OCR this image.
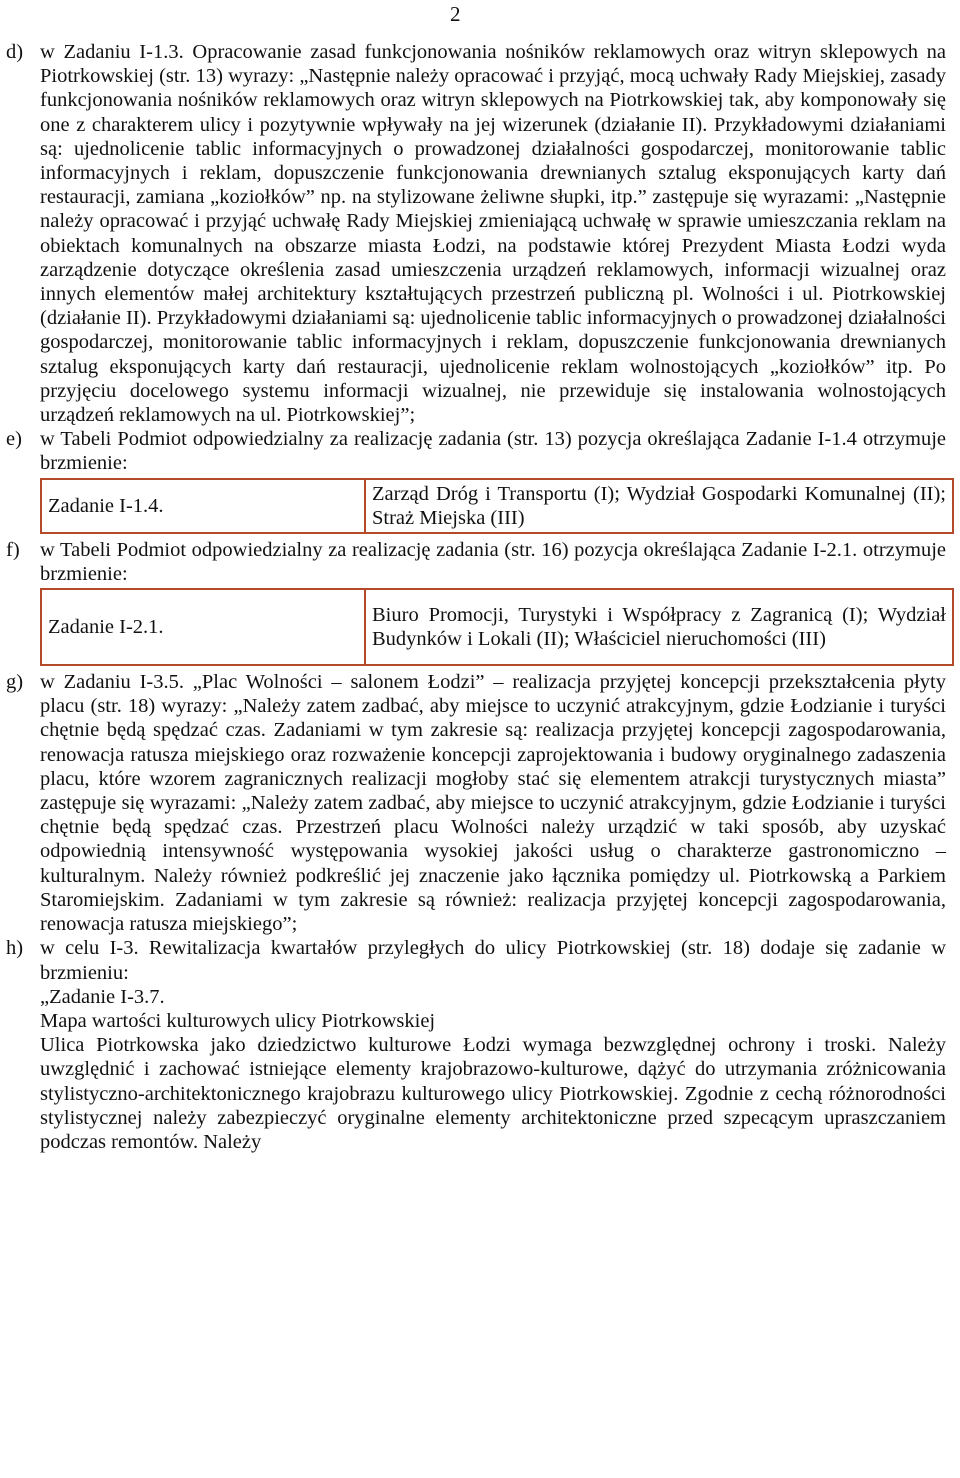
2
d) w Zadaniu I-1.3. Opracowanie zasad funkcjonowania nośników reklamowych oraz witryn sklepowych na Piotrkowskiej (str. 13) wyrazy: „Następnie należy opracować i przyjąć, mocą uchwały Rady Miejskiej, zasady funkcjonowania nośników reklamowych oraz witryn sklepowych na Piotrkowskiej tak, aby komponowały się one z charakterem ulicy i pozytywnie wpływały na jej wizerunek (działanie II). Przykładowymi działaniami są: ujednolicenie tablic informacyjnych o prowadzonej działalności gospodarczej, monitorowanie tablic informacyjnych i reklam, dopuszczenie funkcjonowania drewnianych sztalug eksponujących karty dań restauracji, zamiana „koziołków” np. na stylizowane żeliwne słupki, itp.” zastępuje się wyrazami: „Następnie należy opracować i przyjąć uchwałę Rady Miejskiej zmieniającą uchwałę w sprawie umieszczania reklam na obiektach komunalnych na obszarze miasta Łodzi, na podstawie której Prezydent Miasta Łodzi wyda zarządzenie dotyczące określenia zasad umieszczenia urządzeń reklamowych, informacji wizualnej oraz innych elementów małej architektury kształtujących przestrzeń publiczną pl. Wolności i ul. Piotrkowskiej (działanie II). Przykładowymi działaniami są: ujednolicenie tablic informacyjnych o prowadzonej działalności gospodarczej, monitorowanie tablic informacyjnych i reklam, dopuszczenie funkcjonowania drewnianych sztalug eksponujących karty dań restauracji, ujednolicenie reklam wolnostojących „koziołków” itp. Po przyjęciu docelowego systemu informacji wizualnej, nie przewiduje się instalowania wolnostojących urządzeń reklamowych na ul. Piotrkowskiej”;

e) w Tabeli Podmiot odpowiedzialny za realizację zadania (str. 13) pozycja określająca Zadanie I-1.4 otrzymuje brzmienie:

Zadanie I-1.4.	Zarząd Dróg i Transportu (I); Wydział Gospodarki Komunalnej (II); Straż Miejska (III)
f) w Tabeli Podmiot odpowiedzialny za realizację zadania (str. 16) pozycja określająca Zadanie I-2.1. otrzymuje brzmienie:

Zadanie I-2.1.	Biuro Promocji, Turystyki i Współpracy z Zagranicą (I); Wydział Budynków i Lokali (II); Właściciel nieruchomości (III)
g) w Zadaniu I-3.5. „Plac Wolności – salonem Łodzi” – realizacja przyjętej koncepcji przekształcenia płyty placu (str. 18) wyrazy: „Należy zatem zadbać, aby miejsce to uczynić atrakcyjnym, gdzie Łodzianie i turyści chętnie będą spędzać czas. Zadaniami w tym zakresie są: realizacja przyjętej koncepcji zagospodarowania, renowacja ratusza miejskiego oraz rozważenie koncepcji zaprojektowania i budowy oryginalnego zadaszenia placu, które wzorem zagranicznych realizacji mogłoby stać się elementem atrakcji turystycznych miasta” zastępuje się wyrazami: „Należy zatem zadbać, aby miejsce to uczynić atrakcyjnym, gdzie Łodzianie i turyści chętnie będą spędzać czas. Przestrzeń placu Wolności należy urządzić w taki sposób, aby uzyskać odpowiednią intensywność występowania wysokiej jakości usług o charakterze gastronomiczno – kulturalnym. Należy również podkreślić jej znaczenie jako łącznika pomiędzy ul. Piotrkowską a Parkiem Staromiejskim. Zadaniami w tym zakresie są również: realizacja przyjętej koncepcji zagospodarowania, renowacja ratusza miejskiego”;

h) w celu I-3. Rewitalizacja kwartałów przyległych do ulicy Piotrkowskiej (str. 18) dodaje się zadanie w brzmieniu:

„Zadanie I-3.7.

Mapa wartości kulturowych ulicy Piotrkowskiej

Ulica Piotrkowska jako dziedzictwo kulturowe Łodzi wymaga bezwzględnej ochrony i troski. Należy uwzględnić i zachować istniejące elementy krajobrazowo-kulturowe, dążyć do utrzymania zróżnicowania stylistyczno-architektonicznego krajobrazu kulturowego ulicy Piotrkowskiej. Zgodnie z cechą różnorodności stylistycznej należy zabezpieczyć oryginalne elementy architektoniczne przed szpecącym upraszczaniem podczas remontów. Należy
